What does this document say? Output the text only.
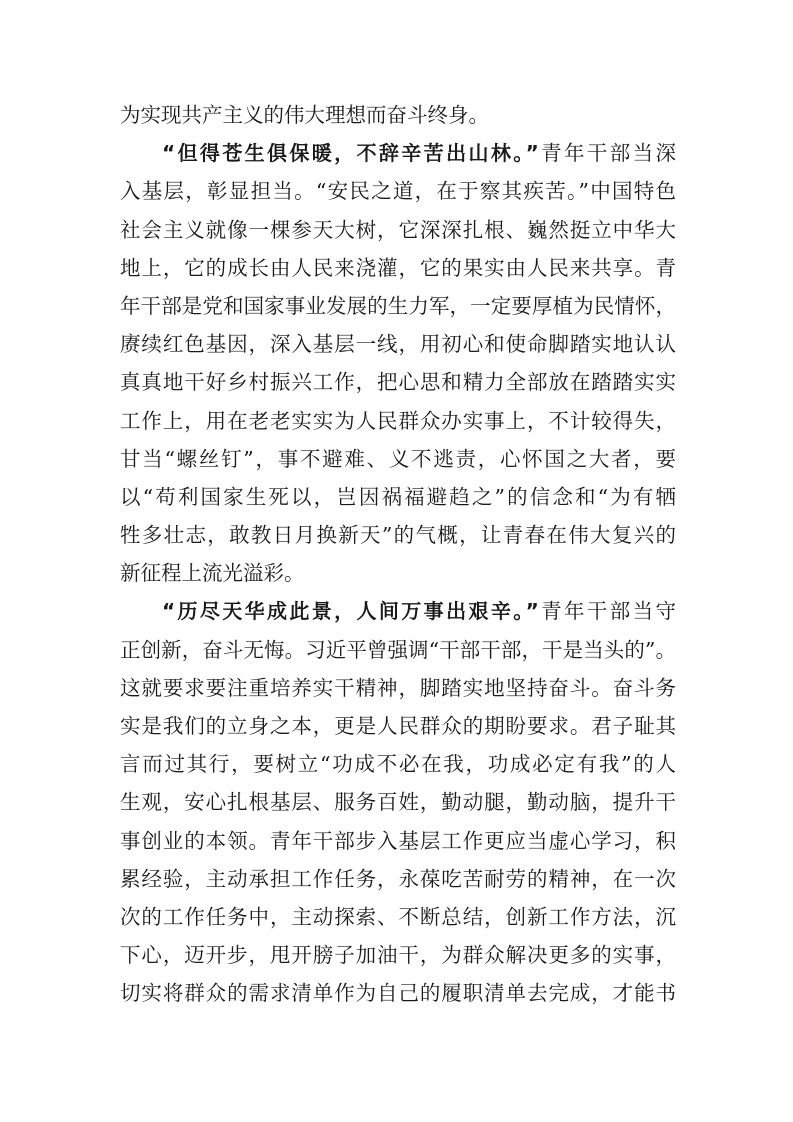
为实现共产主义的伟大理想而奋斗终身。
“但得苍生俱保暖，不辞辛苦出山林。”青年干部当深
入基层，彰显担当。“安民之道，在于察其疾苦。”中国特色
社会主义就像一棵参天大树，它深深扎根、巍然挺立中华大
地上，它的成长由人民来浇灌，它的果实由人民来共享。青
年干部是党和国家事业发展的生力军，一定要厚植为民情怀，
赓续红色基因，深入基层一线，用初心和使命脚踏实地认认
真真地干好乡村振兴工作，把心思和精力全部放在踏踏实实
工作上，用在老老实实为人民群众办实事上，不计较得失，
甘当“螺丝钉”，事不避难、义不逃责，心怀国之大者，要
以“苟利国家生死以，岂因祸福避趋之”的信念和“为有牺
牲多壮志，敢教日月换新天”的气概，让青春在伟大复兴的
新征程上流光溢彩。
“历尽天华成此景，人间万事出艰辛。”青年干部当守
正创新，奋斗无悔。习近平曾强调“干部干部，干是当头的”。
这就要求要注重培养实干精神，脚踏实地坚持奋斗。奋斗务
实是我们的立身之本，更是人民群众的期盼要求。君子耻其
言而过其行，要树立“功成不必在我，功成必定有我”的人
生观，安心扎根基层、服务百姓，勤动腿，勤动脑，提升干
事创业的本领。青年干部步入基层工作更应当虚心学习，积
累经验，主动承担工作任务，永葆吃苦耐劳的精神，在一次
次的工作任务中，主动探索、不断总结，创新工作方法，沉
下心，迈开步，甩开膀子加油干，为群众解决更多的实事，
切实将群众的需求清单作为自己的履职清单去完成，才能书
